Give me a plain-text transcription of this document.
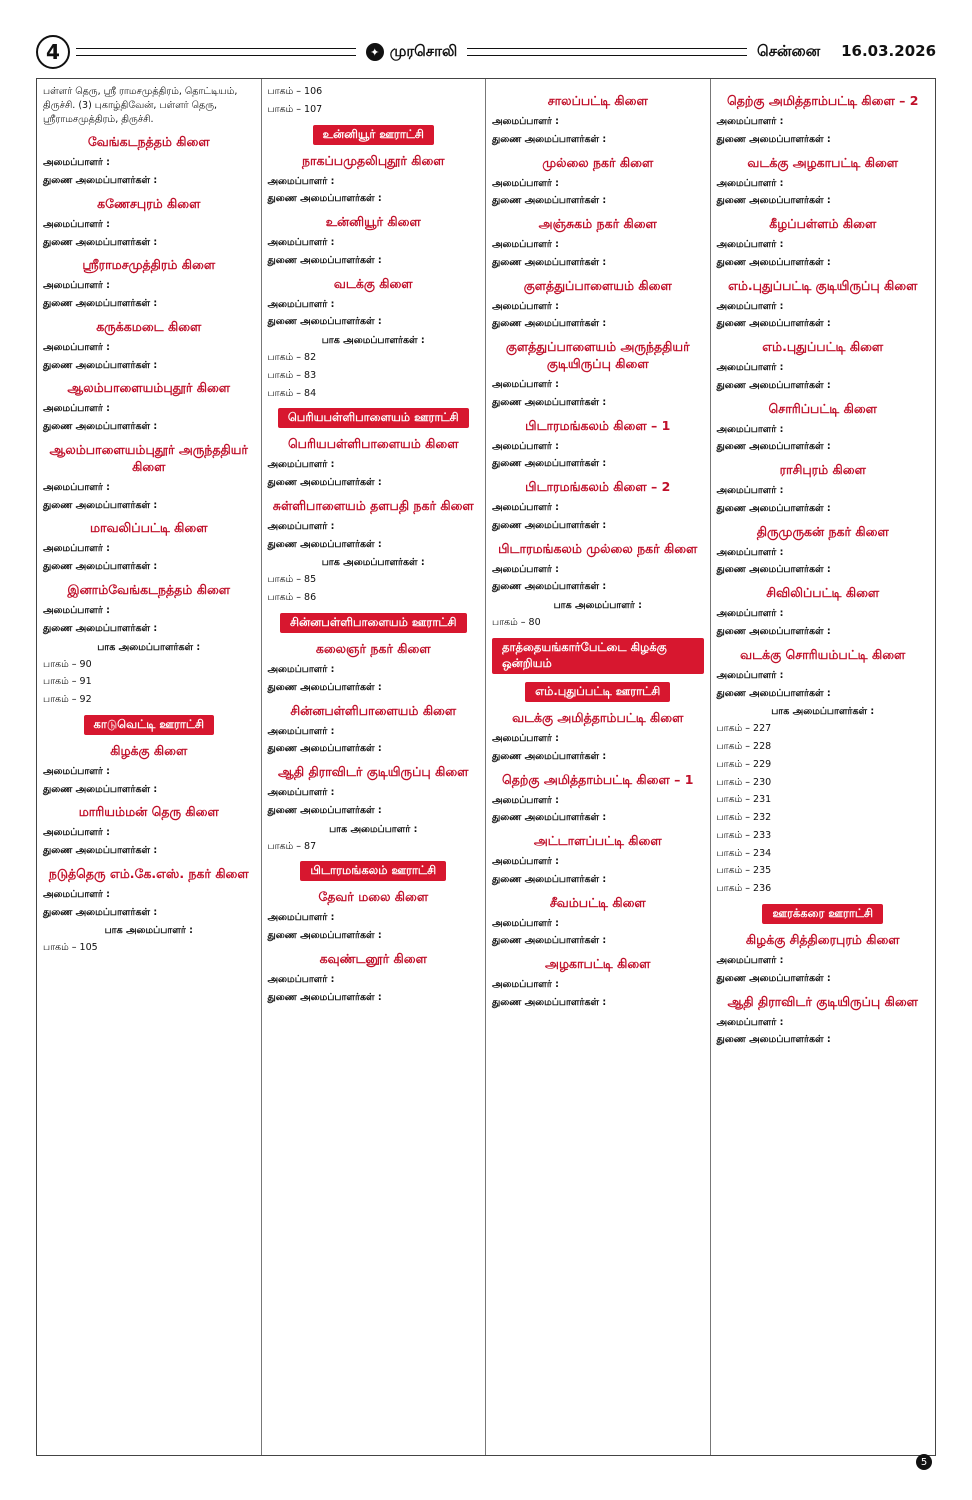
4	✦ முரசொலி	சென்னை 16.03.2026

பள்ளர் தெரு, ஸ்ரீ ராமசமுத்திரம், தொட்டியம், திருச்சி. (3) புகாழ்திவேன், பள்ளர் தெரு, ஸ்ரீராமசமுத்திரம், திருச்சி.

வேங்கடநத்தம் கிளை

அமைப்பாளர் :

துணை அமைப்பாளர்கள் :

கணேசபுரம் கிளை

அமைப்பாளர் :

துணை அமைப்பாளர்கள் :

ஸ்ரீராமசமுத்திரம் கிளை

அமைப்பாளர் :

துணை அமைப்பாளர்கள் :

கருக்கமடை கிளை

அமைப்பாளர் :

துணை அமைப்பாளர்கள் :

ஆலம்பாளையம்புதூர் கிளை

அமைப்பாளர் :

துணை அமைப்பாளர்கள் :

ஆலம்பாளையம்புதூர் அருந்ததியர் கிளை

அமைப்பாளர் :

துணை அமைப்பாளர்கள் :

மாவலிப்பட்டி கிளை

அமைப்பாளர் :

துணை அமைப்பாளர்கள் :

இனாம்வேங்கடநத்தம் கிளை

அமைப்பாளர் :

துணை அமைப்பாளர்கள் :

பாக அமைப்பாளர்கள் :
பாகம் – 90
பாகம் – 91
பாகம் – 92
காடுவெட்டி ஊராட்சி
கிழக்கு கிளை

அமைப்பாளர் :

துணை அமைப்பாளர்கள் :

மாரியம்மன் தெரு கிளை

அமைப்பாளர் :

துணை அமைப்பாளர்கள் :

நடுத்தெரு எம்.கே.எஸ். நகர் கிளை

அமைப்பாளர் :

துணை அமைப்பாளர்கள் :

பாக அமைப்பாளர் :
பாகம் – 105
பாகம் – 106
பாகம் – 107
உன்னியூர் ஊராட்சி
நாகப்பமுதலிபுதூர் கிளை

அமைப்பாளர் :

துணை அமைப்பாளர்கள் :

உன்னியூர் கிளை

அமைப்பாளர் :

துணை அமைப்பாளர்கள் :

வடக்கு கிளை

அமைப்பாளர் :

துணை அமைப்பாளர்கள் :

பாக அமைப்பாளர்கள் :
பாகம் – 82
பாகம் – 83
பாகம் – 84
பெரியபள்ளிபாளையம் ஊராட்சி
பெரியபள்ளிபாளையம் கிளை

அமைப்பாளர் :

துணை அமைப்பாளர்கள் :

சுள்ளிபாளையம் தளபதி நகர் கிளை

அமைப்பாளர் :

துணை அமைப்பாளர்கள் :

பாக அமைப்பாளர்கள் :
பாகம் – 85
பாகம் – 86
சின்னபள்ளிபாளையம் ஊராட்சி
கலைஞர் நகர் கிளை

அமைப்பாளர் :

துணை அமைப்பாளர்கள் :

சின்னபள்ளிபாளையம் கிளை

அமைப்பாளர் :

துணை அமைப்பாளர்கள் :

ஆதி திராவிடர் குடியிருப்பு கிளை

அமைப்பாளர் :

துணை அமைப்பாளர்கள் :

பாக அமைப்பாளர் :
பாகம் – 87
பிடாரமங்கலம் ஊராட்சி
தேவர் மலை கிளை

அமைப்பாளர் :

துணை அமைப்பாளர்கள் :

கவுண்டனூர் கிளை

அமைப்பாளர் :

துணை அமைப்பாளர்கள் :

சாலப்பட்டி கிளை

அமைப்பாளர் :

துணை அமைப்பாளர்கள் :

முல்லை நகர் கிளை

அமைப்பாளர் :

துணை அமைப்பாளர்கள் :

அஞ்சுகம் நகர் கிளை

அமைப்பாளர் :

துணை அமைப்பாளர்கள் :

குளத்துப்பாளையம் கிளை

அமைப்பாளர் :

துணை அமைப்பாளர்கள் :

குளத்துப்பாளையம் அருந்ததியர் குடியிருப்பு கிளை

அமைப்பாளர் :

துணை அமைப்பாளர்கள் :

பிடாரமங்கலம் கிளை – 1

அமைப்பாளர் :

துணை அமைப்பாளர்கள் :

பிடாரமங்கலம் கிளை – 2

அமைப்பாளர் :

துணை அமைப்பாளர்கள் :

பிடாரமங்கலம் முல்லை நகர் கிளை

அமைப்பாளர் :

துணை அமைப்பாளர்கள் :

பாக அமைப்பாளர் :
பாகம் – 80
தாத்தையங்கார்பேட்டை கிழக்கு ஒன்றியம்
எம்.புதுப்பட்டி ஊராட்சி
வடக்கு அமித்தாம்பட்டி கிளை

அமைப்பாளர் :

துணை அமைப்பாளர்கள் :

தெற்கு அமித்தாம்பட்டி கிளை – 1

அமைப்பாளர் :

துணை அமைப்பாளர்கள் :

அட்டாளப்பட்டி கிளை

அமைப்பாளர் :

துணை அமைப்பாளர்கள் :

சீவம்பட்டி கிளை

அமைப்பாளர் :

துணை அமைப்பாளர்கள் :

அழகாபட்டி கிளை

அமைப்பாளர் :

துணை அமைப்பாளர்கள் :

தெற்கு அமித்தாம்பட்டி கிளை – 2

அமைப்பாளர் :

துணை அமைப்பாளர்கள் :

வடக்கு அழகாபட்டி கிளை

அமைப்பாளர் :

துணை அமைப்பாளர்கள் :

கீழப்பள்ளம் கிளை

அமைப்பாளர் :

துணை அமைப்பாளர்கள் :

எம்.புதுப்பட்டி குடியிருப்பு கிளை

அமைப்பாளர் :

துணை அமைப்பாளர்கள் :

எம்.புதுப்பட்டி கிளை

அமைப்பாளர் :

துணை அமைப்பாளர்கள் :

சொரிப்பட்டி கிளை

அமைப்பாளர் :

துணை அமைப்பாளர்கள் :

ராசிபுரம் கிளை

அமைப்பாளர் :

துணை அமைப்பாளர்கள் :

திருமுருகன் நகர் கிளை

அமைப்பாளர் :

துணை அமைப்பாளர்கள் :

சிவிலிப்பட்டி கிளை

அமைப்பாளர் :

துணை அமைப்பாளர்கள் :

வடக்கு சொரியம்பட்டி கிளை

அமைப்பாளர் :

துணை அமைப்பாளர்கள் :

பாக அமைப்பாளர்கள் :
பாகம் – 227
பாகம் – 228
பாகம் – 229
பாகம் – 230
பாகம் – 231
பாகம் – 232
பாகம் – 233
பாகம் – 234
பாகம் – 235
பாகம் – 236
ஊரக்கரை ஊராட்சி
கிழக்கு சித்திரைபுரம் கிளை

அமைப்பாளர் :

துணை அமைப்பாளர்கள் :

ஆதி திராவிடர் குடியிருப்பு கிளை

அமைப்பாளர் :

துணை அமைப்பாளர்கள் :

5
